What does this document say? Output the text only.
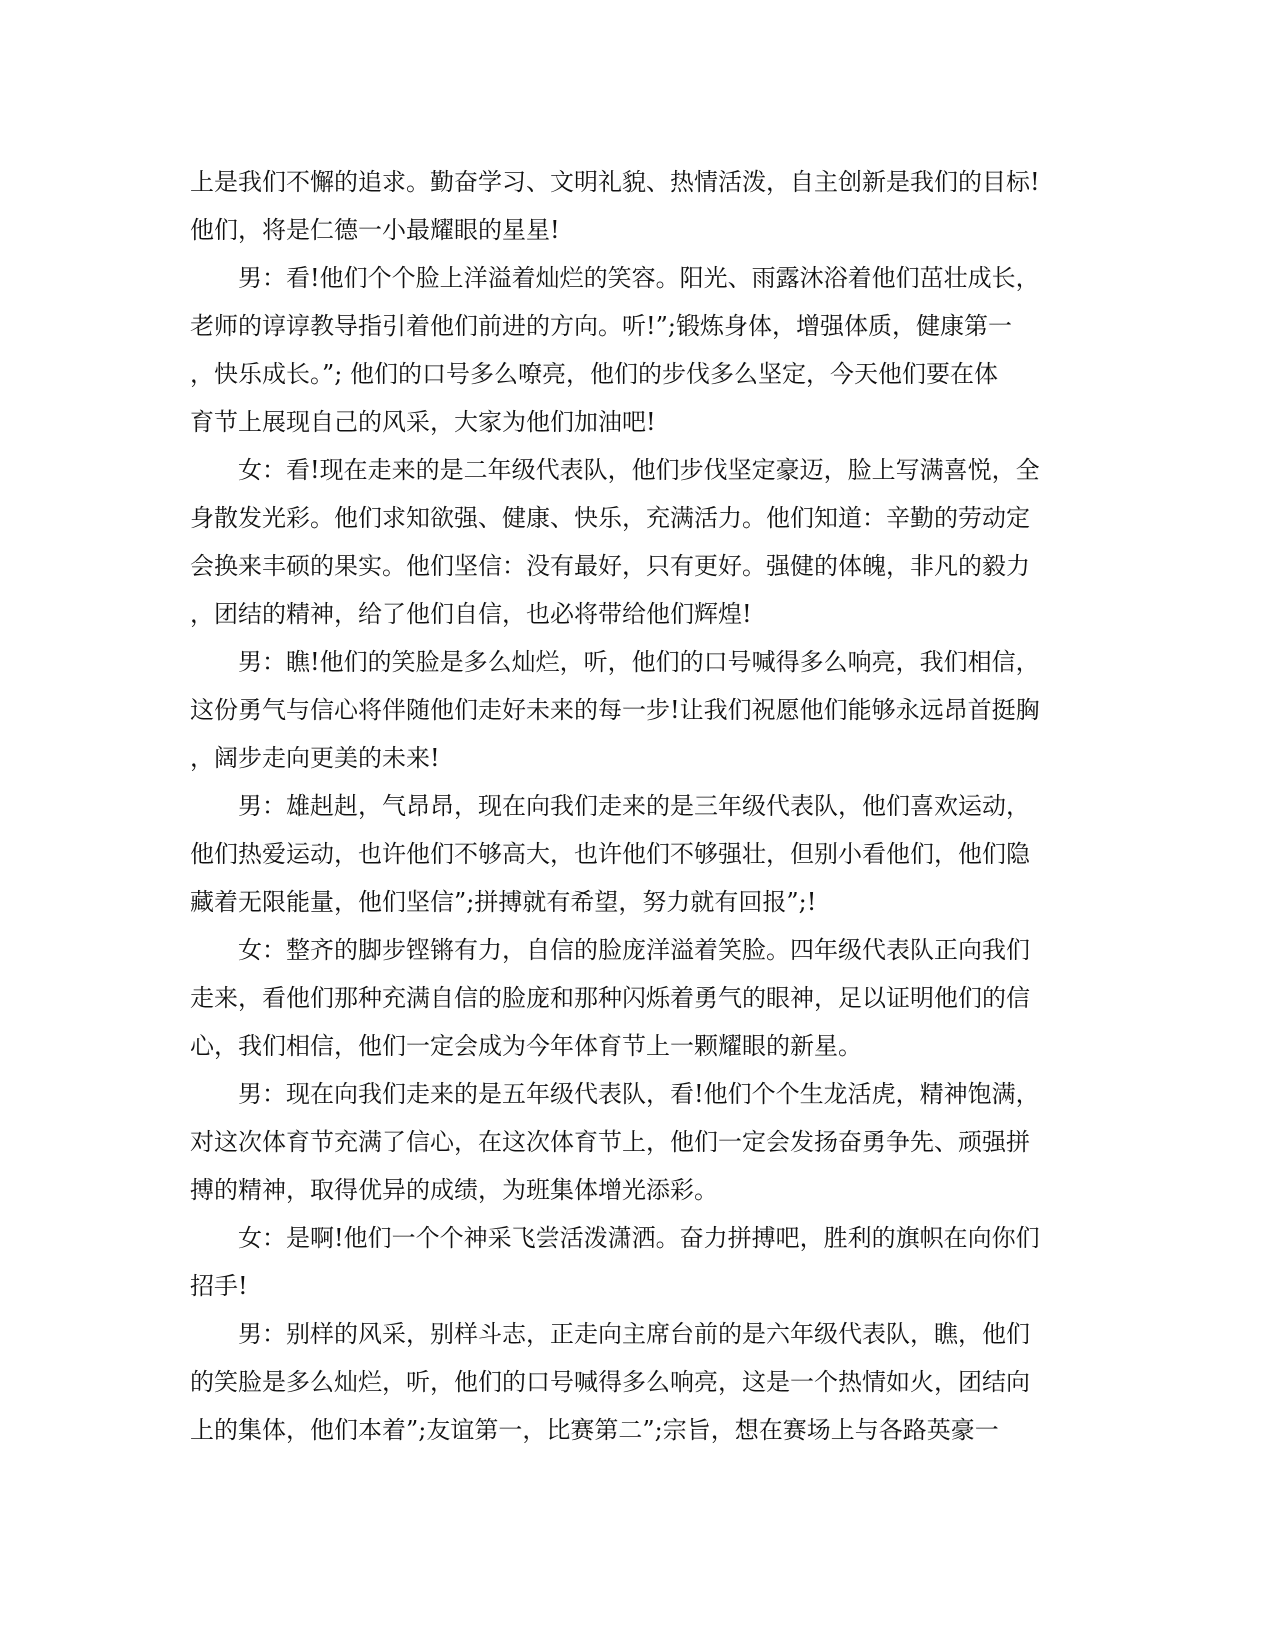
上是我们不懈的追求。勤奋学习、文明礼貌、热情活泼，自主创新是我们的目标!
他们，将是仁德一小最耀眼的星星!
男：看!他们个个脸上洋溢着灿烂的笑容。阳光、雨露沐浴着他们茁壮成长，
老师的谆谆教导指引着他们前进的方向。听!”;锻炼身体，增强体质，健康第一
，快乐成长。”; 他们的口号多么嘹亮，他们的步伐多么坚定，今天他们要在体
育节上展现自己的风采，大家为他们加油吧!
女：看!现在走来的是二年级代表队，他们步伐坚定豪迈，脸上写满喜悦，全
身散发光彩。他们求知欲强、健康、快乐，充满活力。他们知道：辛勤的劳动定
会换来丰硕的果实。他们坚信：没有最好，只有更好。强健的体魄，非凡的毅力
，团结的精神，给了他们自信，也必将带给他们辉煌!
男：瞧!他们的笑脸是多么灿烂，听，他们的口号喊得多么响亮，我们相信，
这份勇气与信心将伴随他们走好未来的每一步!让我们祝愿他们能够永远昂首挺胸
，阔步走向更美的未来!
男：雄赳赳，气昂昂，现在向我们走来的是三年级代表队，他们喜欢运动，
他们热爱运动，也许他们不够高大，也许他们不够强壮，但别小看他们，他们隐
藏着无限能量，他们坚信”;拼搏就有希望，努力就有回报”;!
女：整齐的脚步铿锵有力，自信的脸庞洋溢着笑脸。四年级代表队正向我们
走来，看他们那种充满自信的脸庞和那种闪烁着勇气的眼神，足以证明他们的信
心，我们相信，他们一定会成为今年体育节上一颗耀眼的新星。
男：现在向我们走来的是五年级代表队，看!他们个个生龙活虎，精神饱满，
对这次体育节充满了信心，在这次体育节上，他们一定会发扬奋勇争先、顽强拼
搏的精神，取得优异的成绩，为班集体增光添彩。
女：是啊!他们一个个神采飞尝活泼潇洒。奋力拼搏吧，胜利的旗帜在向你们
招手!
男：别样的风采，别样斗志，正走向主席台前的是六年级代表队，瞧，他们
的笑脸是多么灿烂，听，他们的口号喊得多么响亮，这是一个热情如火，团结向
上的集体，他们本着”;友谊第一，比赛第二”;宗旨，想在赛场上与各路英豪一
